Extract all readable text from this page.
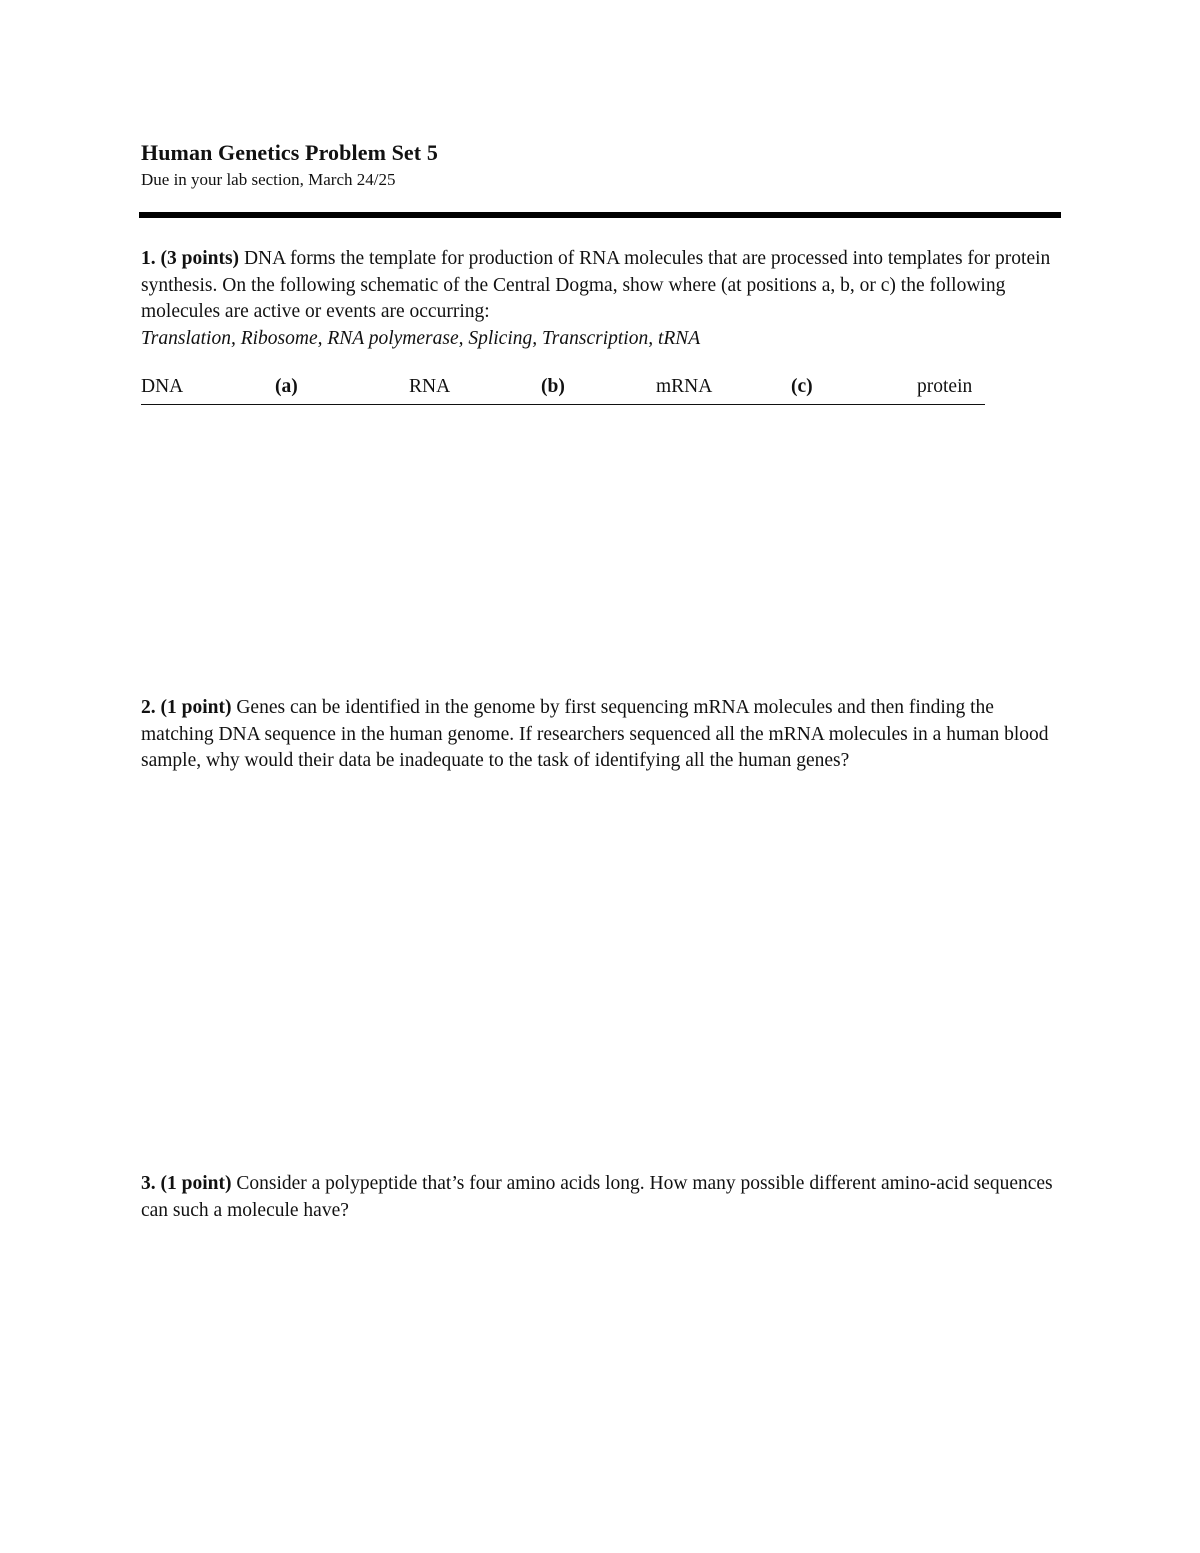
Human Genetics Problem Set 5
Due in your lab section, March 24/25
1. (3 points) DNA forms the template for production of RNA molecules that are processed into templates for protein synthesis. On the following schematic of the Central Dogma, show where (at positions a, b, or c) the following molecules are active or events are occurring:
Translation, Ribosome, RNA polymerase, Splicing, Transcription, tRNA
DNA	(a)	RNA	(b)	mRNA	(c)	protein
2. (1 point) Genes can be identified in the genome by first sequencing mRNA molecules and then finding the matching DNA sequence in the human genome. If researchers sequenced all the mRNA molecules in a human blood sample, why would their data be inadequate to the task of identifying all the human genes?
3. (1 point) Consider a polypeptide that’s four amino acids long. How many possible different amino-acid sequences can such a molecule have?
